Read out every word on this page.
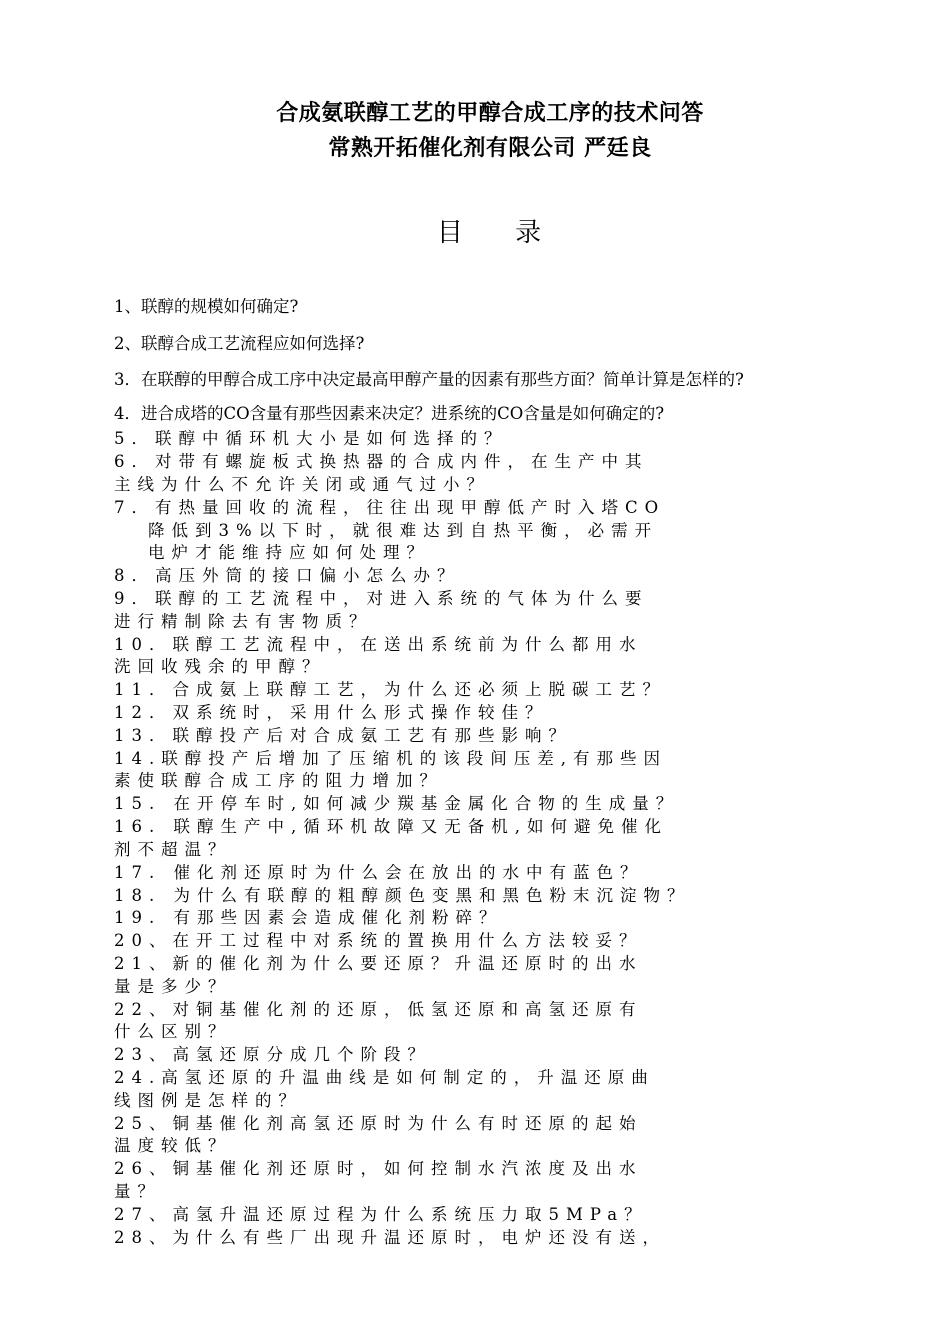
合成氨联醇工艺的甲醇合成工序的技术问答
常熟开拓催化剂有限公司 严廷良
目 录
1、联醇的规模如何确定?
2、联醇合成工艺流程应如何选择?
3．在联醇的甲醇合成工序中决定最高甲醇产量的因素有那些方面？简单计算是怎样的?
4．进合成塔的CO含量有那些因素来决定？进系统的CO含量是如何确定的?
5．联醇中循环机大小是如何选择的？
6．对带有螺旋板式换热器的合成内件，在生产中其
主线为什么不允许关闭或通气过小？
7．有热量回收的流程，往往出现甲醇低产时入塔CO
降低到3%以下时，就很难达到自热平衡，必需开
电炉才能维持应如何处理？
8．高压外筒的接口偏小怎么办？
9．联醇的工艺流程中，对进入系统的气体为什么要
进行精制除去有害物质？
10．联醇工艺流程中，在送出系统前为什么都用水
洗回收残余的甲醇？
11．合成氨上联醇工艺，为什么还必须上脱碳工艺？
12．双系统时，采用什么形式操作较佳？
13．联醇投产后对合成氨工艺有那些影响？
14.联醇投产后增加了压缩机的该段间压差,有那些因
素使联醇合成工序的阻力增加？
15. 在开停车时,如何减少羰基金属化合物的生成量？
16. 联醇生产中,循环机故障又无备机,如何避免催化
剂不超温？
17. 催化剂还原时为什么会在放出的水中有蓝色？
18. 为什么有联醇的粗醇颜色变黑和黑色粉末沉淀物？
19. 有那些因素会造成催化剂粉碎？
20、在开工过程中对系统的置换用什么方法较妥？
21、新的催化剂为什么要还原？升温还原时的出水
量是多少？
22、对铜基催化剂的还原，低氢还原和高氢还原有
什么区别？
23、高氢还原分成几个阶段？
24.高氢还原的升温曲线是如何制定的，升温还原曲
线图例是怎样的？
25、铜基催化剂高氢还原时为什么有时还原的起始
温度较低？
26、铜基催化剂还原时，如何控制水汽浓度及出水
量？
27、高氢升温还原过程为什么系统压力取5MPa？
28、为什么有些厂出现升温还原时，电炉还没有送，
